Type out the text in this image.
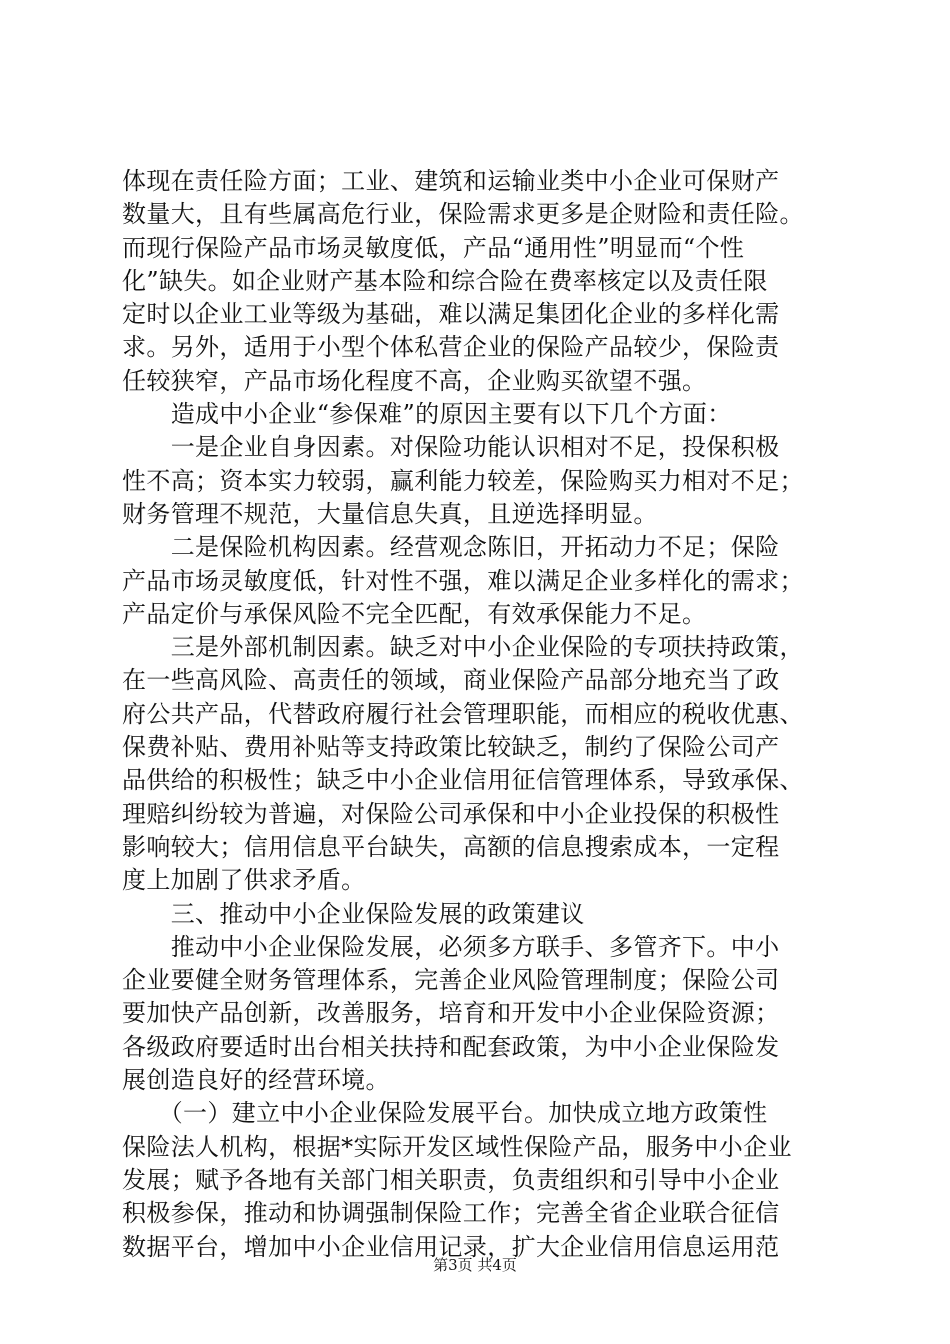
体现在责任险方面；工业、建筑和运输业类中小企业可保财产
数量大，且有些属高危行业，保险需求更多是企财险和责任险。
而现行保险产品市场灵敏度低，产品“通用性”明显而“个性
化”缺失。如企业财产基本险和综合险在费率核定以及责任限
定时以企业工业等级为基础，难以满足集团化企业的多样化需
求。另外，适用于小型个体私营企业的保险产品较少，保险责
任较狭窄，产品市场化程度不高，企业购买欲望不强。
　　造成中小企业“参保难”的原因主要有以下几个方面：
　　一是企业自身因素。对保险功能认识相对不足，投保积极
性不高；资本实力较弱，赢利能力较差，保险购买力相对不足；
财务管理不规范，大量信息失真，且逆选择明显。
　　二是保险机构因素。经营观念陈旧，开拓动力不足；保险
产品市场灵敏度低，针对性不强，难以满足企业多样化的需求；
产品定价与承保风险不完全匹配，有效承保能力不足。
　　三是外部机制因素。缺乏对中小企业保险的专项扶持政策，
在一些高风险、高责任的领域，商业保险产品部分地充当了政
府公共产品，代替政府履行社会管理职能，而相应的税收优惠、
保费补贴、费用补贴等支持政策比较缺乏，制约了保险公司产
品供给的积极性；缺乏中小企业信用征信管理体系，导致承保、
理赔纠纷较为普遍，对保险公司承保和中小企业投保的积极性
影响较大；信用信息平台缺失，高额的信息搜索成本，一定程
度上加剧了供求矛盾。
　　三、推动中小企业保险发展的政策建议
　　推动中小企业保险发展，必须多方联手、多管齐下。中小
企业要健全财务管理体系，完善企业风险管理制度；保险公司
要加快产品创新，改善服务，培育和开发中小企业保险资源；
各级政府要适时出台相关扶持和配套政策，为中小企业保险发
展创造良好的经营环境。
　　（一）建立中小企业保险发展平台。加快成立地方政策性
保险法人机构，根据*实际开发区域性保险产品，服务中小企业
发展；赋予各地有关部门相关职责，负责组织和引导中小企业
积极参保，推动和协调强制保险工作；完善全省企业联合征信
数据平台，增加中小企业信用记录，扩大企业信用信息运用范
第3页 共4页
